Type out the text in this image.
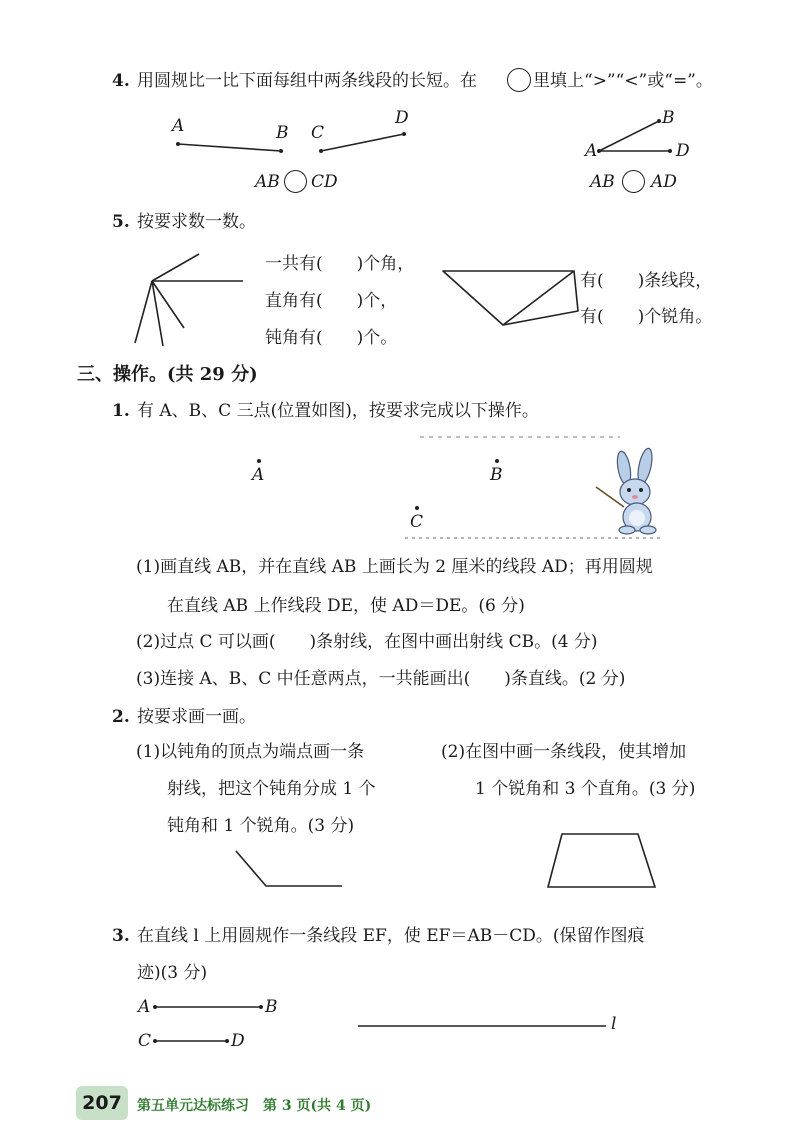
4. 用圆规比一比下面每组中两条线段的长短。在	里填上“>”“<”或“=”。
A	B C
D
AB CD
A
B
D
AB AD
5. 按要求数一数。
一共有(　　)个角，
直角有(　　)个，
钝角有(　　)个。
有(　　)条线段，
有(　　)个锐角。
三、操作。(共 29 分)
1. 有 A、B、C 三点(位置如图)，按要求完成以下操作。
A	B
C
(1)画直线 AB，并在直线 AB 上画长为 2 厘米的线段 AD；再用圆规
在直线 AB 上作线段 DE，使 AD＝DE。(6 分)
(2)过点 C 可以画(　　)条射线，在图中画出射线 CB。(4 分)
(3)连接 A、B、C 中任意两点，一共能画出(　　)条直线。(2 分)
2. 按要求画一画。
(1)以钝角的顶点为端点画一条
射线，把这个钝角分成 1 个
钝角和 1 个锐角。(3 分)
(2)在图中画一条线段，使其增加
1 个锐角和 3 个直角。(3 分)
3. 在直线 l 上用圆规作一条线段 EF，使 EF＝AB－CD。(保留作图痕
迹)(3 分)
A	B
C	D
l
207	第五单元达标练习　第 3 页(共 4 页)
